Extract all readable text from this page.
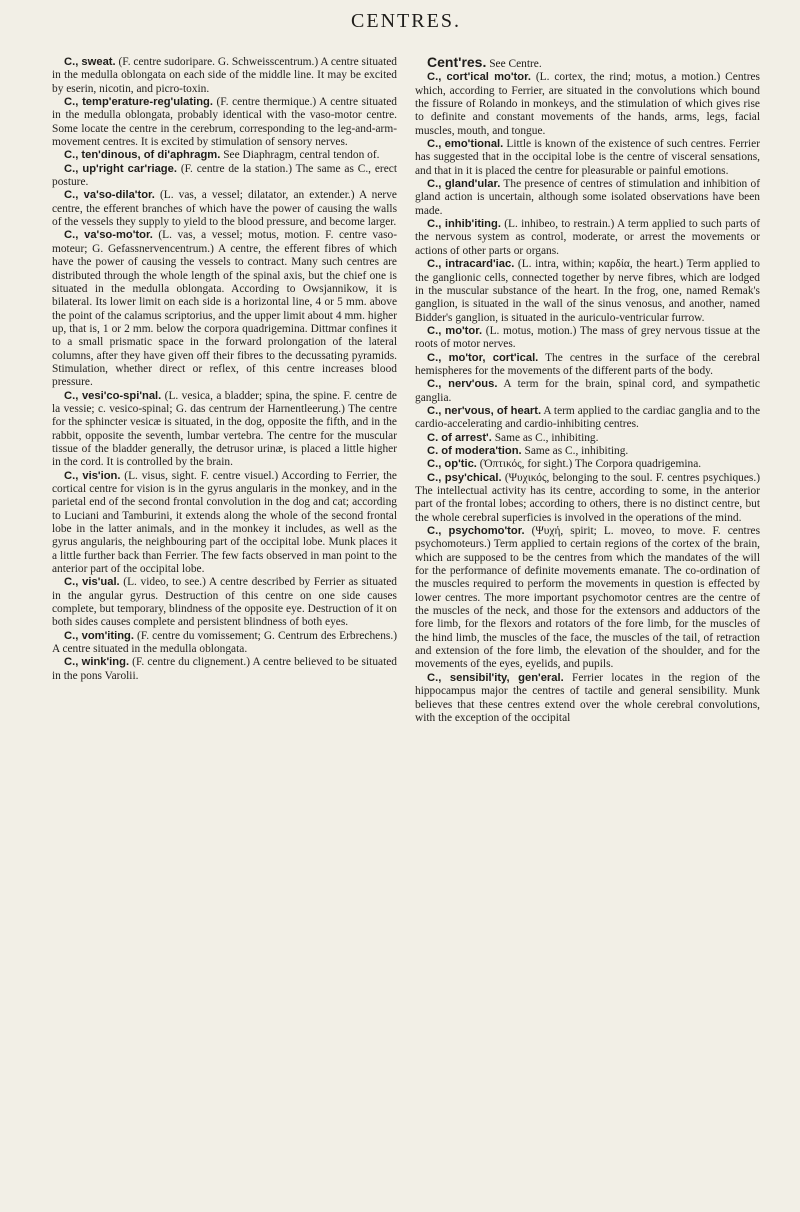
CENTRES.

C., sweat. (F. centre sudoripare. G. Schweisscentrum.) A centre situated in the medulla oblongata on each side of the middle line. It may be excited by eserin, nicotin, and picro-toxin.

C., temp'erature-reg'ulating. (F. centre thermique.) A centre situated in the medulla oblongata, probably identical with the vaso-motor centre. Some locate the centre in the cerebrum, corresponding to the leg-and-arm-movement centres. It is excited by stimulation of sensory nerves.

C., ten'dinous, of di'aphragm. See Diaphragm, central tendon of.

C., up'right car'riage. (F. centre de la station.) The same as C., erect posture.

C., va'so-dila'tor. (L. vas, a vessel; dilatator, an extender.) A nerve centre, the efferent branches of which have the power of causing the walls of the vessels they supply to yield to the blood pressure, and become larger.

C., va'so-mo'tor. (L. vas, a vessel; motus, motion. F. centre vaso-moteur; G. Gefassnervencentrum.) A centre, the efferent fibres of which have the power of causing the vessels to contract. Many such centres are distributed through the whole length of the spinal axis, but the chief one is situated in the medulla oblongata. According to Owsjannikow, it is bilateral. Its lower limit on each side is a horizontal line, 4 or 5 mm. above the point of the calamus scriptorius, and the upper limit about 4 mm. higher up, that is, 1 or 2 mm. below the corpora quadrigemina. Dittmar confines it to a small prismatic space in the forward prolongation of the lateral columns, after they have given off their fibres to the decussating pyramids. Stimulation, whether direct or reflex, of this centre increases blood pressure.

C., vesi'co-spi'nal. (L. vesica, a bladder; spina, the spine. F. centre de la vessie; c. vesico-spinal; G. das centrum der Harnentleerung.) The centre for the sphincter vesicæ is situated, in the dog, opposite the fifth, and in the rabbit, opposite the seventh, lumbar vertebra. The centre for the muscular tissue of the bladder generally, the detrusor urinæ, is placed a little higher in the cord. It is controlled by the brain.

C., vis'ion. (L. visus, sight. F. centre visuel.) According to Ferrier, the cortical centre for vision is in the gyrus angularis in the monkey, and in the parietal end of the second frontal convolution in the dog and cat; according to Luciani and Tamburini, it extends along the whole of the second frontal lobe in the latter animals, and in the monkey it includes, as well as the gyrus angularis, the neighbouring part of the occipital lobe. Munk places it a little further back than Ferrier. The few facts observed in man point to the anterior part of the occipital lobe.

C., vis'ual. (L. video, to see.) A centre described by Ferrier as situated in the angular gyrus. Destruction of this centre on one side causes complete, but temporary, blindness of the opposite eye. Destruction of it on both sides causes complete and persistent blindness of both eyes.

C., vom'iting. (F. centre du vomissement; G. Centrum des Erbrechens.) A centre situated in the medulla oblongata.

C., wink'ing. (F. centre du clignement.) A centre believed to be situated in the pons Varolii.

Cent'res. See Centre.

C., cort'ical mo'tor. (L. cortex, the rind; motus, a motion.) Centres which, according to Ferrier, are situated in the convolutions which bound the fissure of Rolando in monkeys, and the stimulation of which gives rise to definite and constant movements of the hands, arms, legs, facial muscles, mouth, and tongue.

C., emo'tional. Little is known of the existence of such centres. Ferrier has suggested that in the occipital lobe is the centre of visceral sensations, and that in it is placed the centre for pleasurable or painful emotions.

C., gland'ular. The presence of centres of stimulation and inhibition of gland action is uncertain, although some isolated observations have been made.

C., inhib'iting. (L. inhibeo, to restrain.) A term applied to such parts of the nervous system as control, moderate, or arrest the movements or actions of other parts or organs.

C., intracard'iac. (L. intra, within; καρδία, the heart.) Term applied to the ganglionic cells, connected together by nerve fibres, which are lodged in the muscular substance of the heart. In the frog, one, named Remak's ganglion, is situated in the wall of the sinus venosus, and another, named Bidder's ganglion, is situated in the auriculo-ventricular furrow.

C., mo'tor. (L. motus, motion.) The mass of grey nervous tissue at the roots of motor nerves.

C., mo'tor, cort'ical. The centres in the surface of the cerebral hemispheres for the movements of the different parts of the body.

C., nerv'ous. A term for the brain, spinal cord, and sympathetic ganglia.

C., ner'vous, of heart. A term applied to the cardiac ganglia and to the cardio-accelerating and cardio-inhibiting centres.

C. of arrest'. Same as C., inhibiting.

C. of modera'tion. Same as C., inhibiting.

C., op'tic. (Ὀπτικός, for sight.) The Corpora quadrigemina.

C., psy'chical. (Ψυχικός, belonging to the soul. F. centres psychiques.) The intellectual activity has its centre, according to some, in the anterior part of the frontal lobes; according to others, there is no distinct centre, but the whole cerebral superficies is involved in the operations of the mind.

C., psychomo'tor. (Ψυχή, spirit; L. moveo, to move. F. centres psychomoteurs.) Term applied to certain regions of the cortex of the brain, which are supposed to be the centres from which the mandates of the will for the performance of definite movements emanate. The co-ordination of the muscles required to perform the movements in question is effected by lower centres. The more important psychomotor centres are the centre of the muscles of the neck, and those for the extensors and adductors of the fore limb, for the flexors and rotators of the fore limb, for the muscles of the hind limb, the muscles of the face, the muscles of the tail, of retraction and extension of the fore limb, the elevation of the shoulder, and for the movements of the eyes, eyelids, and pupils.

C., sensibil'ity, gen'eral. Ferrier locates in the region of the hippocampus major the centres of tactile and general sensibility. Munk believes that these centres extend over the whole cerebral convolutions, with the exception of the occipital
